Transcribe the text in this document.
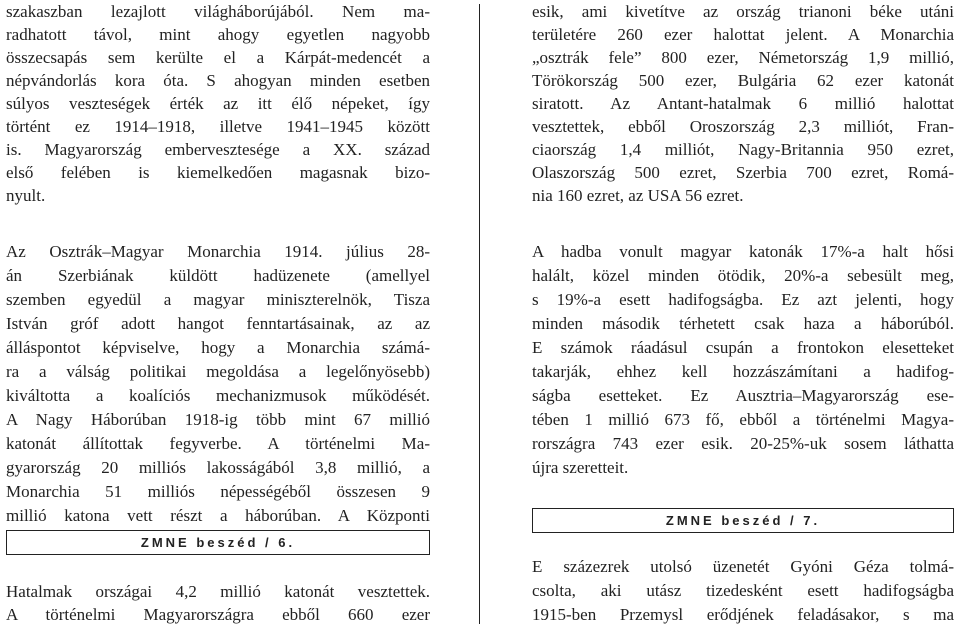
szakaszban lezajlott világháborújából. Nem ma-
radhatott távol, mint ahogy egyetlen nagyobb
összecsapás sem kerülte el a Kárpát-medencét a
népvándorlás kora óta. S ahogyan minden esetben
súlyos veszteségek érték az itt élő népeket, így
történt ez 1914–1918, illetve 1941–1945 között
is. Magyarország embervesztesége a XX. század
első felében is kiemelkedően magasnak bizo-
nyult.
Az Osztrák–Magyar Monarchia 1914. július 28-
án Szerbiának küldött hadüzenete (amellyel
szemben egyedül a magyar miniszterelnök, Tisza
István gróf adott hangot fenntartásainak, az az
álláspontot képviselve, hogy a Monarchia számá-
ra a válság politikai megoldása a legelőnyösebb)
kiváltotta a koalíciós mechanizmusok működését.
A Nagy Háborúban 1918-ig több mint 67 millió
katonát állítottak fegyverbe. A történelmi Ma-
gyarország 20 milliós lakosságából 3,8 millió, a
Monarchia 51 milliós népességéből összesen 9
millió katona vett részt a háborúban. A Központi
Hatalmak országai 4,2 millió katonát vesztettek.
A történelmi Magyarországra ebből 660 ezer
ZMNE beszéd / 6.
esik, ami kivetítve az ország trianoni béke utáni
területére 260 ezer halottat jelent. A Monarchia
„osztrák fele” 800 ezer, Németország 1,9 millió,
Törökország 500 ezer, Bulgária 62 ezer katonát
siratott. Az Antant-hatalmak 6 millió halottat
vesztettek, ebből Oroszország 2,3 milliót, Fran-
ciaország 1,4 milliót, Nagy-Britannia 950 ezret,
Olaszország 500 ezret, Szerbia 700 ezret, Romá-
nia 160 ezret, az USA 56 ezret.
A hadba vonult magyar katonák 17%-a halt hősi
halált, közel minden ötödik, 20%-a sebesült meg,
s 19%-a esett hadifogságba. Ez azt jelenti, hogy
minden második térhetett csak haza a háborúból.
E számok ráadásul csupán a frontokon elesetteket
takarják, ehhez kell hozzászámítani a hadifog-
ságba esetteket. Ez Ausztria–Magyarország ese-
tében 1 millió 673 fő, ebből a történelmi Magya-
rországra 743 ezer esik. 20-25%-uk sosem láthatta
újra szeretteit.
E százezrek utolsó üzenetét Gyóni Géza tolmá-
csolta, aki utász tizedesként esett hadifogságba
1915-ben Przemysl erődjének feladásakor, s ma
ZMNE beszéd / 7.
